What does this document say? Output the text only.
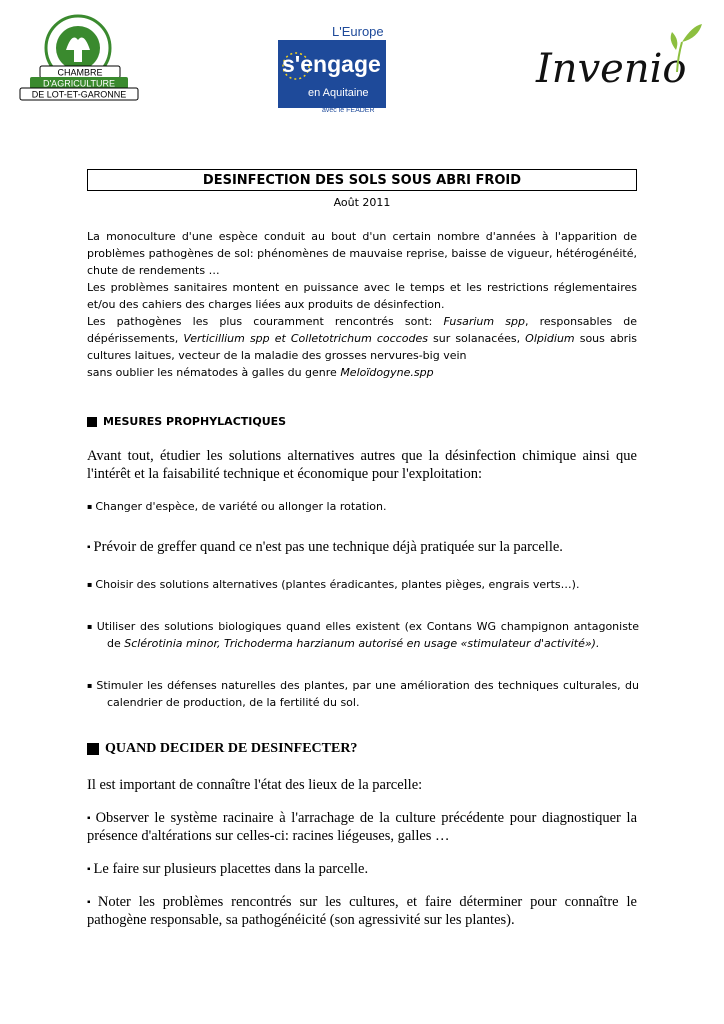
CHAMBRE
D'AGRICULTURE
DE LOT-ET-GARONNE
L'Europe
s'engage
en Aquitaine
avec le FEADER
Invenio
DESINFECTION DES SOLS SOUS ABRI FROID
Août 2011
La monoculture d'une espèce conduit au bout d'un certain nombre d'années à l'apparition de
problèmes pathogènes de sol: phénomènes de mauvaise reprise, baisse de vigueur, hétérogénéité,
chute de rendements …
Les problèmes sanitaires montent en puissance avec le temps et les restrictions réglementaires
et/ou des cahiers des charges liées aux produits de désinfection.
Les pathogènes les plus couramment rencontrés sont: Fusarium spp, responsables de
dépérissements, Verticillium spp et Colletotrichum coccodes sur solanacées, Olpidium sous abris
cultures laitues, vecteur de la maladie des grosses nervures-big vein
sans oublier les nématodes à galles du genre Meloïdogyne.spp
MESURES PROPHYLACTIQUES
Avant tout, étudier les solutions alternatives autres que la désinfection chimique ainsi que
l'intérêt et la faisabilité technique et économique pour l'exploitation:
▪ Changer d'espèce, de variété ou allonger la rotation.
▪ Prévoir de greffer quand ce n'est pas une technique déjà pratiquée sur la parcelle.
▪ Choisir des solutions alternatives (plantes éradicantes, plantes pièges, engrais verts…).
▪ Utiliser des solutions biologiques quand elles existent (ex Contans WG champignon antagoniste
de Sclérotinia minor, Trichoderma harzianum autorisé en usage «stimulateur d'activité»).
▪ Stimuler les défenses naturelles des plantes, par une amélioration des techniques culturales, du
calendrier de production, de la fertilité du sol.
QUAND DECIDER DE DESINFECTER?
Il est important de connaître l'état des lieux de la parcelle:
▪ Observer le système racinaire à l'arrachage de la culture précédente pour diagnostiquer la
présence d'altérations sur celles-ci: racines liégeuses, galles …
▪ Le faire sur plusieurs placettes dans la parcelle.
▪ Noter les problèmes rencontrés sur les cultures, et faire déterminer pour connaître le
pathogène responsable, sa pathogénéicité (son agressivité sur les plantes).
